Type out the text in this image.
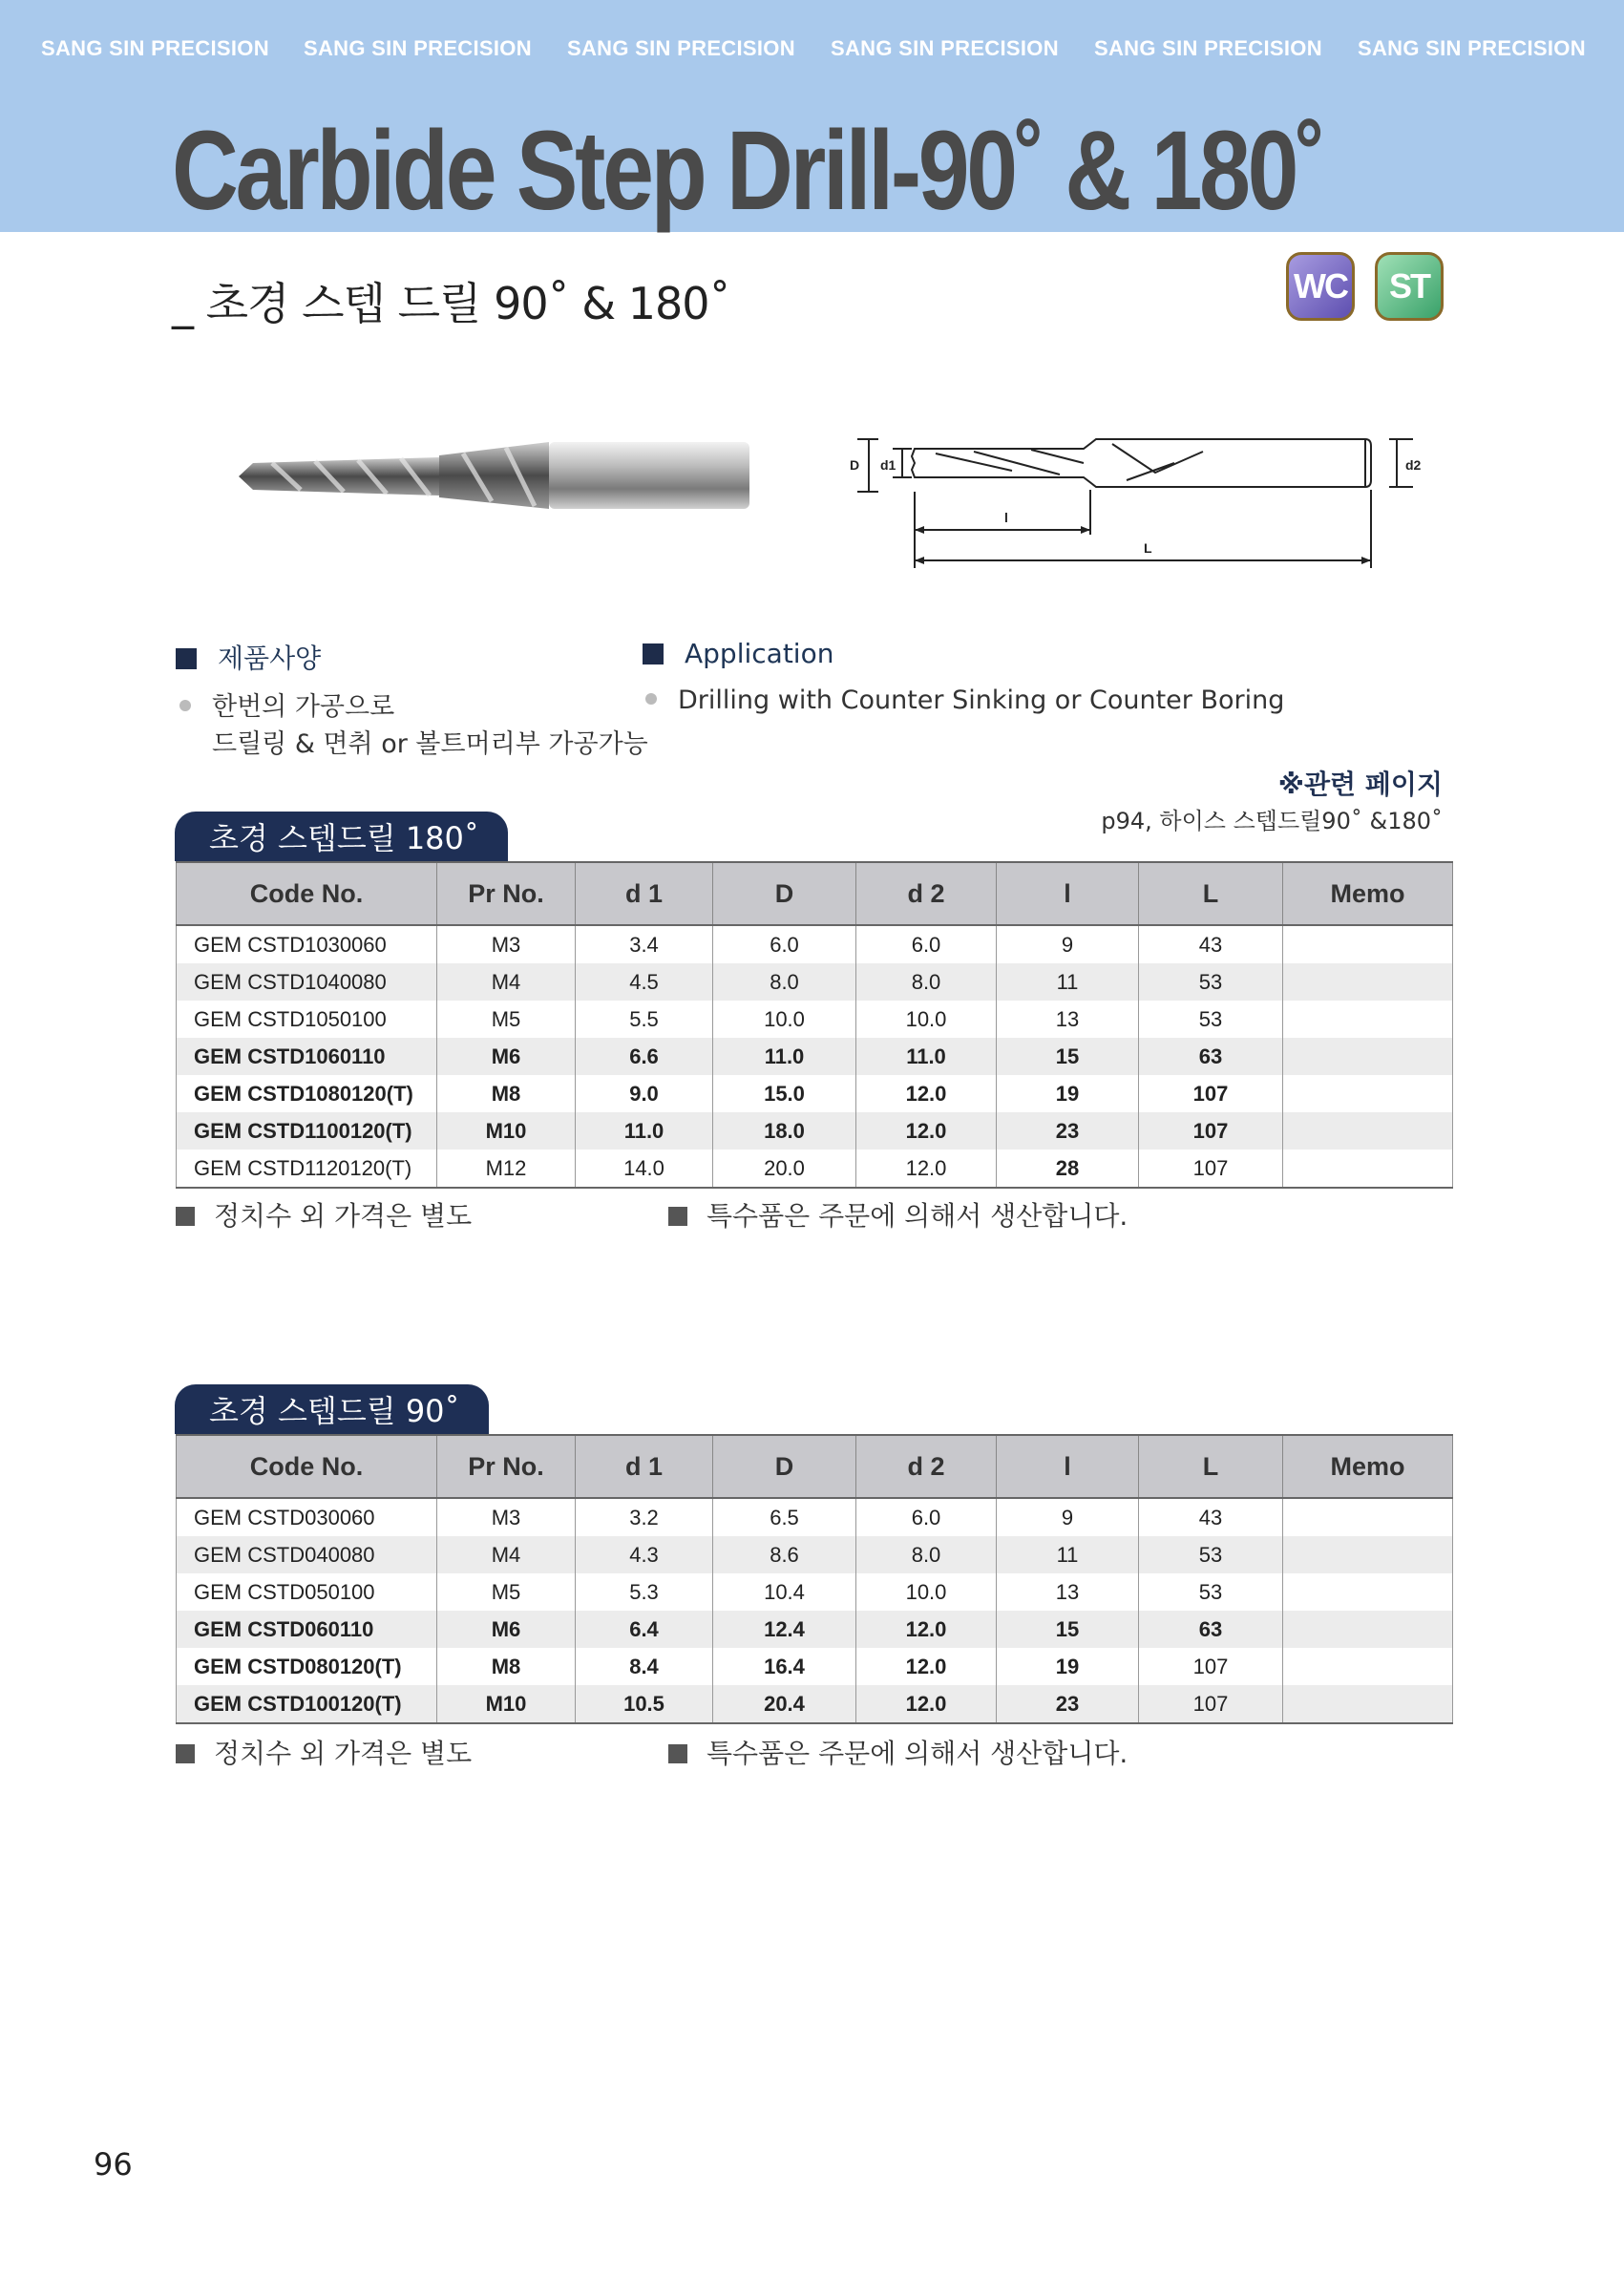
SANG SIN PRECISION SANG SIN PRECISION SANG SIN PRECISION SANG SIN PRECISION SANG SIN PRECISION SANG SIN PRECISION
Carbide Step Drill-90˚ & 180˚
_ 초경 스텝 드릴 90˚ & 180˚	WC	ST
D d1	d2
l
L
제품사양	Application
한번의 가공으로
드릴링 & 면취 or 볼트머리부 가공가능
Drilling with Counter Sinking or Counter Boring
※관련 페이지
p94, 하이스 스텝드릴90˚ &180˚
초경 스텝드릴 180˚
Code No.	Pr No.	d 1	D	d 2	l	L	Memo
GEM CSTD1030060	M3	3.4	6.0	6.0	9	43	
GEM CSTD1040080	M4	4.5	8.0	8.0	11	53	
GEM CSTD1050100	M5	5.5	10.0	10.0	13	53	
GEM CSTD1060110	M6	6.6	11.0	11.0	15	63	
GEM CSTD1080120(T)	M8	9.0	15.0	12.0	19	107	
GEM CSTD1100120(T)	M10	11.0	18.0	12.0	23	107	
GEM CSTD1120120(T)	M12	14.0	20.0	12.0	28	107	
정치수 외 가격은 별도	특수품은 주문에 의해서 생산합니다.
초경 스텝드릴 90˚
Code No.	Pr No.	d 1	D	d 2	l	L	Memo
GEM CSTD030060	M3	3.2	6.5	6.0	9	43	
GEM CSTD040080	M4	4.3	8.6	8.0	11	53	
GEM CSTD050100	M5	5.3	10.4	10.0	13	53	
GEM CSTD060110	M6	6.4	12.4	12.0	15	63	
GEM CSTD080120(T)	M8	8.4	16.4	12.0	19	107	
GEM CSTD100120(T)	M10	10.5	20.4	12.0	23	107	
정치수 외 가격은 별도	특수품은 주문에 의해서 생산합니다.
96
